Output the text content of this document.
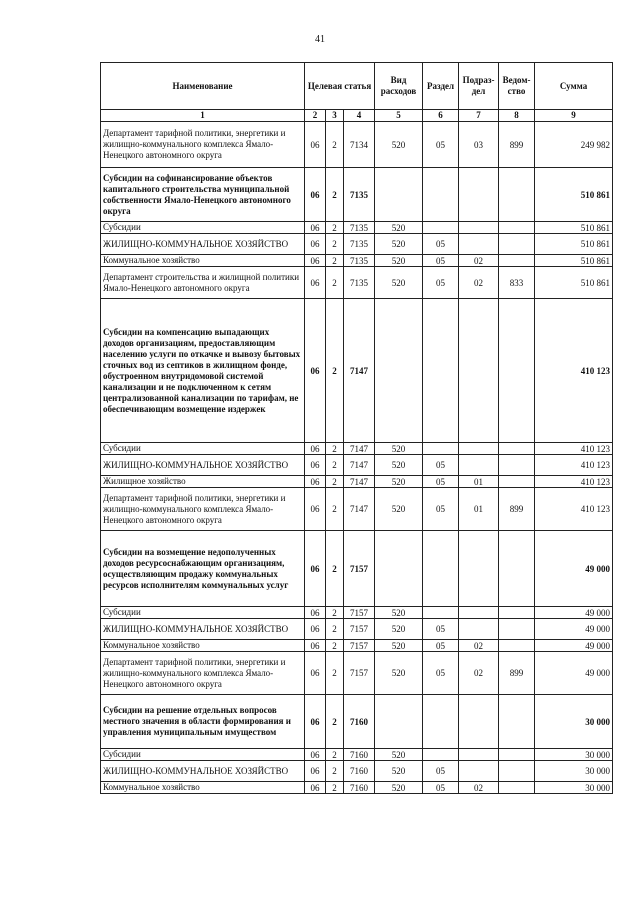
41
Наименование	Целевая статья			Вид расходов	Раздел	Подраз-дел	Ведом-ство	Сумма
1	2	3	4	5	6	7	8	9
Департамент тарифной политики, энергетики и жилищно-коммунального комплекса Ямало-Ненецкого автономного округа	06	2	7134	520	05	03	899	249 982
Субсидии на софинансирование объектов капитального строительства муниципальной собственности Ямало-Ненецкого автономного округа	06	2	7135					510 861
Субсидии	06	2	7135	520				510 861
ЖИЛИЩНО-КОММУНАЛЬНОЕ ХОЗЯЙСТВО	06	2	7135	520	05			510 861
Коммунальное хозяйство	06	2	7135	520	05	02		510 861
Департамент строительства и жилищной политики Ямало-Ненецкого автономного округа	06	2	7135	520	05	02	833	510 861
Субсидии на компенсацию выпадающих доходов организациям, предоставляющим населению услуги по откачке и вывозу бытовых сточных вод из септиков в жилищном фонде, обустроенном внутридомовой системой канализации и не подключенном к сетям централизованной канализации по тарифам, не обеспечивающим возмещение издержек	06	2	7147					410 123
Субсидии	06	2	7147	520				410 123
ЖИЛИЩНО-КОММУНАЛЬНОЕ ХОЗЯЙСТВО	06	2	7147	520	05			410 123
Жилищное хозяйство	06	2	7147	520	05	01		410 123
Департамент тарифной политики, энергетики и жилищно-коммунального комплекса Ямало-Ненецкого автономного округа	06	2	7147	520	05	01	899	410 123
Субсидии на возмещение недополученных доходов ресурсоснабжающим организациям, осуществляющим продажу коммунальных ресурсов исполнителям коммунальных услуг	06	2	7157					49 000
Субсидии	06	2	7157	520				49 000
ЖИЛИЩНО-КОММУНАЛЬНОЕ ХОЗЯЙСТВО	06	2	7157	520	05			49 000
Коммунальное хозяйство	06	2	7157	520	05	02		49 000
Департамент тарифной политики, энергетики и жилищно-коммунального комплекса Ямало-Ненецкого автономного округа	06	2	7157	520	05	02	899	49 000
Субсидии на решение отдельных вопросов местного значения в области формирования и управления муниципальным имуществом	06	2	7160					30 000
Субсидии	06	2	7160	520				30 000
ЖИЛИЩНО-КОММУНАЛЬНОЕ ХОЗЯЙСТВО	06	2	7160	520	05			30 000
Коммунальное хозяйство	06	2	7160	520	05	02		30 000
